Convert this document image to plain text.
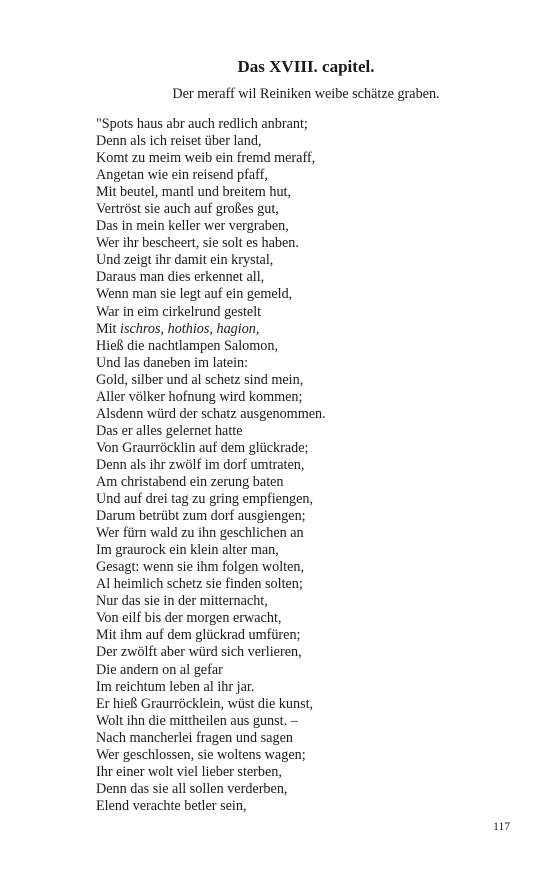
Das XVIII. capitel.

Der meraff wil Reiniken weibe schätze graben.

"Spots haus abr auch redlich anbrant;
Denn als ich reiset über land,
Komt zu meim weib ein fremd meraff,
Angetan wie ein reisend pfaff,
Mit beutel, mantl und breitem hut,
Vertröst sie auch auf großes gut,
Das in mein keller wer vergraben,
Wer ihr bescheert, sie solt es haben.
Und zeigt ihr damit ein krystal,
Daraus man dies erkennet all,
Wenn man sie legt auf ein gemeld,
War in eim cirkelrund gestelt
Mit ischros, hothios, hagion,
Hieß die nachtlampen Salomon,
Und las daneben im latein:
Gold, silber und al schetz sind mein,
Aller völker hofnung wird kommen;
Alsdenn würd der schatz ausgenommen.
Das er alles gelernet hatte
Von Graurröcklin auf dem glückrade;
Denn als ihr zwölf im dorf umtraten,
Am christabend ein zerung baten
Und auf drei tag zu gring empfiengen,
Darum betrübt zum dorf ausgiengen;
Wer fürn wald zu ihn geschlichen an
Im graurock ein klein alter man,
Gesagt: wenn sie ihm folgen wolten,
Al heimlich schetz sie finden solten;
Nur das sie in der mitternacht,
Von eilf bis der morgen erwacht,
Mit ihm auf dem glückrad umfüren;
Der zwölft aber würd sich verlieren,
Die andern on al gefar
Im reichtum leben al ihr jar.
Er hieß Graurröcklein, wüst die kunst,
Wolt ihn die mittheilen aus gunst. –
Nach mancherlei fragen und sagen
Wer geschlossen, sie woltens wagen;
Ihr einer wolt viel lieber sterben,
Denn das sie all sollen verderben,
Elend verachte betler sein,
117
